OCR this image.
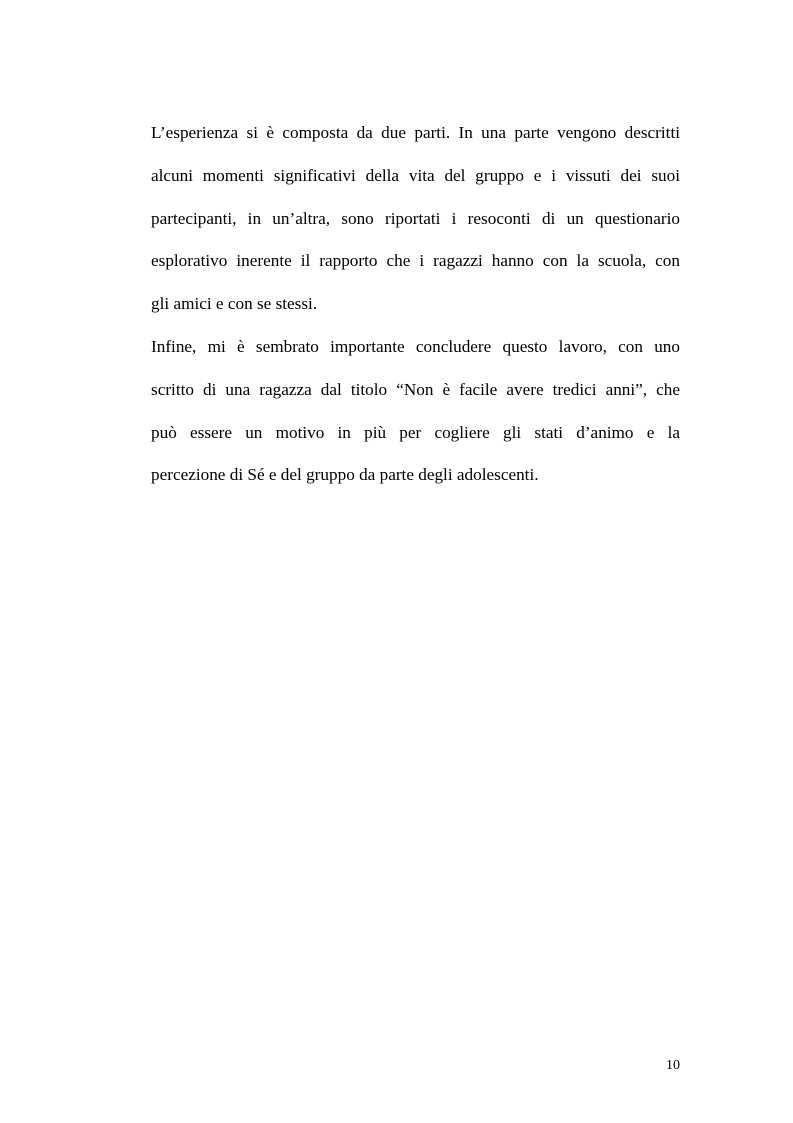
L’esperienza si è composta da due parti. In una parte vengono descritti
alcuni momenti significativi della vita del gruppo e i vissuti dei suoi
partecipanti, in un’altra, sono riportati i resoconti di un questionario
esplorativo inerente il rapporto che i ragazzi hanno con la scuola, con
gli amici e con se stessi.
Infine, mi è sembrato importante concludere questo lavoro, con uno
scritto di una ragazza dal titolo “Non è facile avere tredici anni”, che
può essere un motivo in più per cogliere gli stati d’animo e la
percezione di Sé e del gruppo da parte degli adolescenti.
10
